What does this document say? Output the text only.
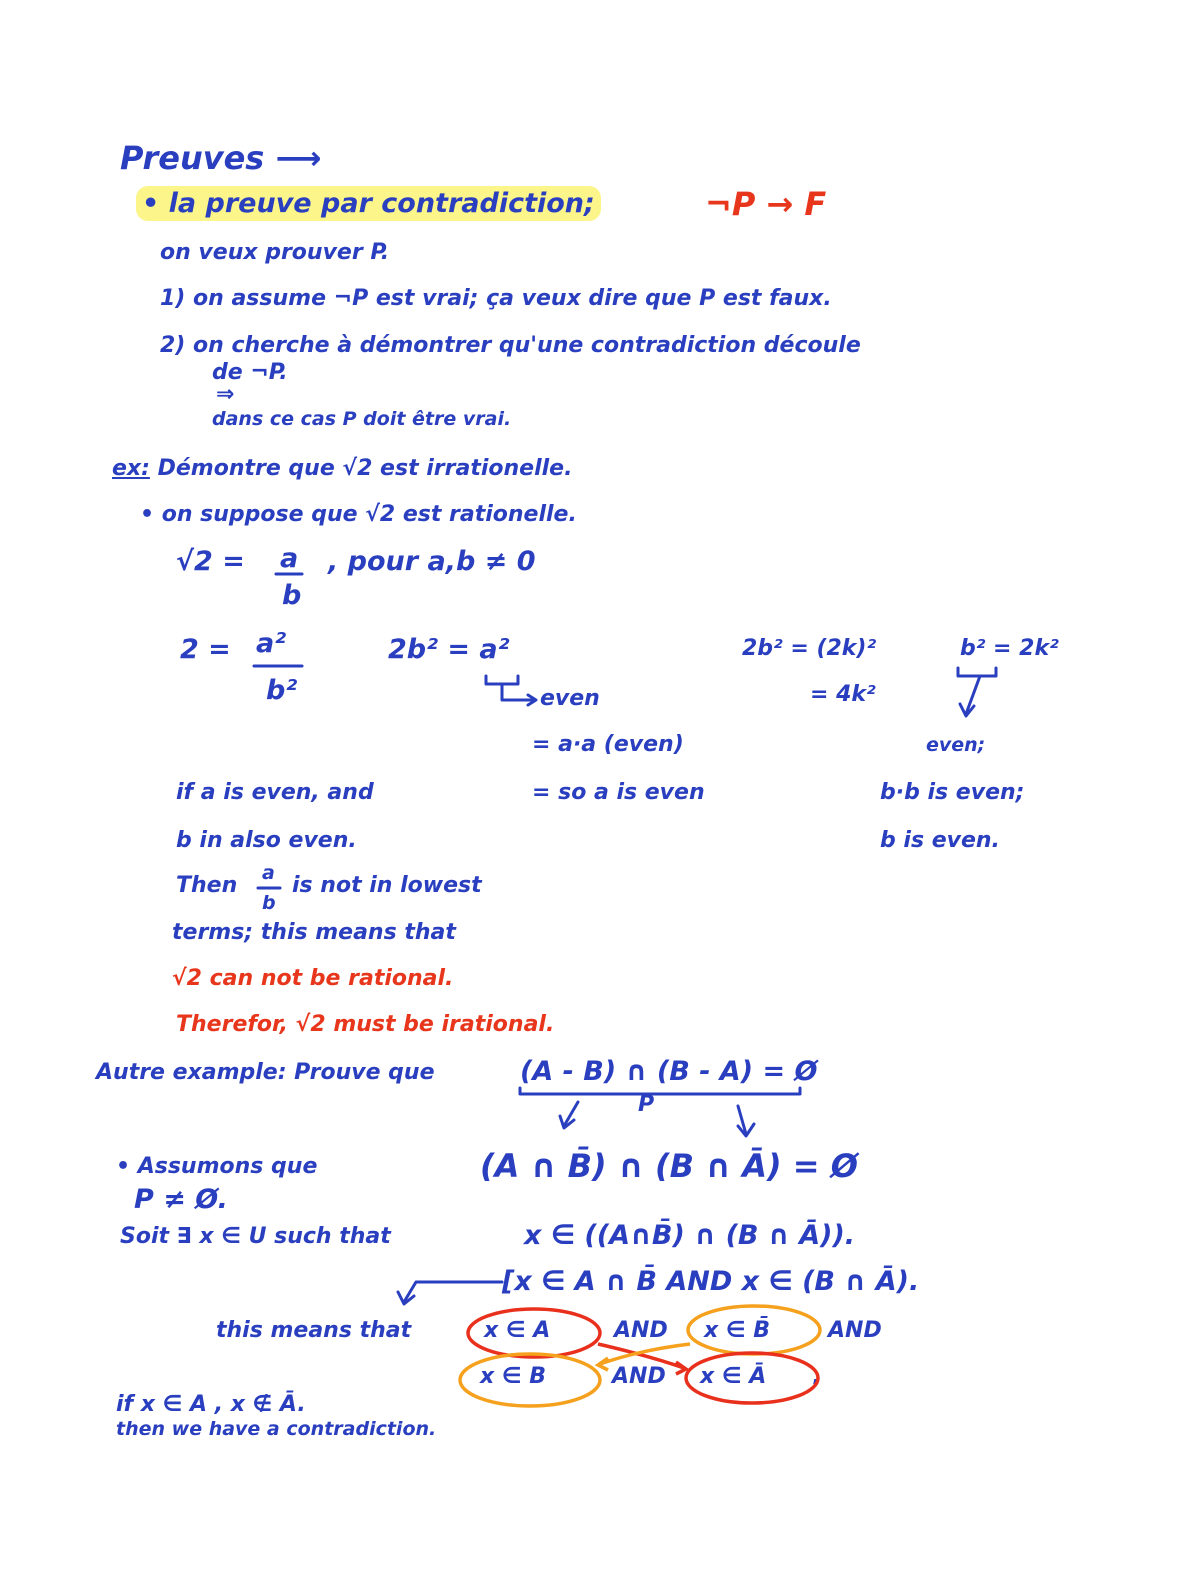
Preuves ⟶
• la preuve par contradiction;	¬P → F
on veux prouver P.
1) on assume ¬P est vrai; ça veux dire que P est faux.
2) on cherche à démontrer qu'une contradiction découle
de ¬P.
⇒
dans ce cas P doit être vrai.
ex: Démontre que √2 est irrationelle.
• on suppose que √2 est rationelle.
√2 = a
b
, pour a,b ≠ 0
2 = a²
b²
2b² = a²
even
= a·a (even)
= so a is even
2b² = (2k)²
= 4k²
b² = 2k²
even;
b·b is even;
b is even.
if a is even, and
b in also even.
Then a
b
is not in lowest
terms; this means that
√2 can not be rational.
Therefor, √2 must be irational.
Autre example: Prouve que	(A - B) ∩ (B - A) = Ø
P
(A ∩ B̄) ∩ (B ∩ Ā) = Ø
• Assumons que
P ≠ Ø.
Soit ∃ x ∈ U such that	x ∈ ((A∩B̄) ∩ (B ∩ Ā)).
[x ∈ A ∩ B̄ AND x ∈ (B ∩ Ā).
this means that	x ∈ A	AND x ∈ B̄	AND
x ∈ B	AND x ∈ Ā .
if x ∈ A , x ∉ Ā.
then we have a contradiction.
